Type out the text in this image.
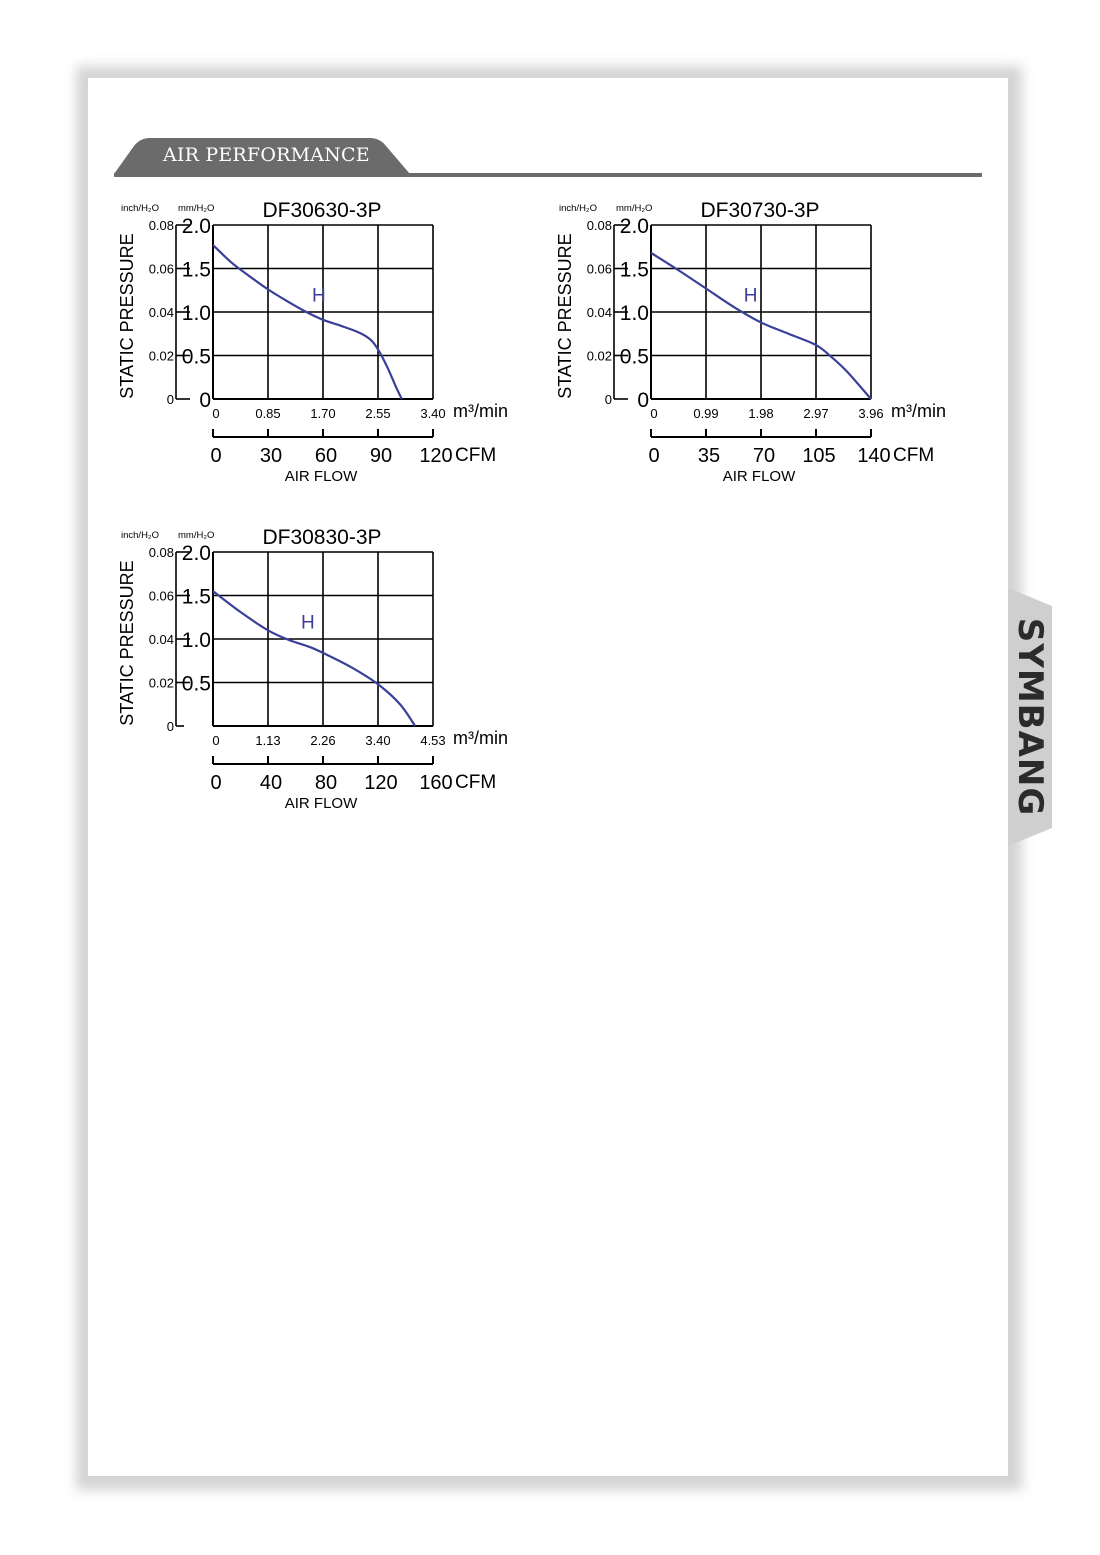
AIR PERFORMANCE
2.0
1.5
1.0
0.5
0
0.08
0.06
0.04
0.02
0
inch/H₂O mm/H₂O DF30630-3P
STATIC PRESSURE
0	0.85 1.70 2.55 3.40 m³/min
0 30 60 90 120 CFM
AIR FLOW
H
2.0
1.5
1.0
0.5
0
0.08
0.06
0.04
0.02
0
inch/H₂O mm/H₂O DF30730-3P
STATIC PRESSURE
0	0.99 1.98 2.97 3.96 m³/min
0 35 70 105 140 CFM
AIR FLOW
H
2.0
1.5
1.0
0.5
0.08
0.06
0.04
0.02
0
inch/H₂O mm/H₂O DF30830-3P
STATIC PRESSURE
0	1.13 2.26 3.40 4.53 m³/min
0 40 80 120 160 CFM
AIR FLOW
H	SYMBANG
